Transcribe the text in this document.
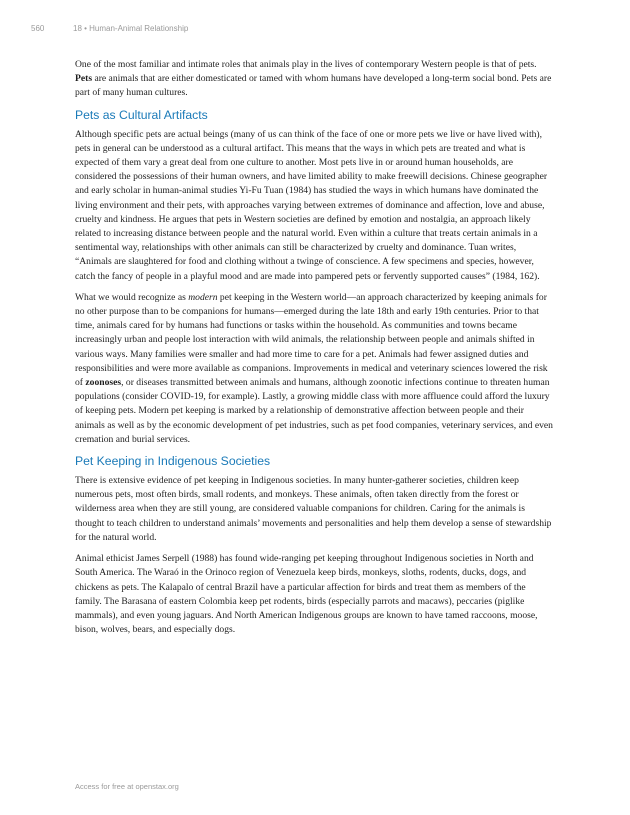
560	18 • Human-Animal Relationship

One of the most familiar and intimate roles that animals play in the lives of contemporary Western people is that of pets. Pets are animals that are either domesticated or tamed with whom humans have developed a long-term social bond. Pets are part of many human cultures.

Pets as Cultural Artifacts

Although specific pets are actual beings (many of us can think of the face of one or more pets we live or have lived with), pets in general can be understood as a cultural artifact. This means that the ways in which pets are treated and what is expected of them vary a great deal from one culture to another. Most pets live in or around human households, are considered the possessions of their human owners, and have limited ability to make freewill decisions. Chinese geographer and early scholar in human-animal studies Yi-Fu Tuan (1984) has studied the ways in which humans have dominated the living environment and their pets, with approaches varying between extremes of dominance and affection, love and abuse, cruelty and kindness. He argues that pets in Western societies are defined by emotion and nostalgia, an approach likely related to increasing distance between people and the natural world. Even within a culture that treats certain animals in a sentimental way, relationships with other animals can still be characterized by cruelty and dominance. Tuan writes, “Animals are slaughtered for food and clothing without a twinge of conscience. A few specimens and species, however, catch the fancy of people in a playful mood and are made into pampered pets or fervently supported causes” (1984, 162).

What we would recognize as modern pet keeping in the Western world—an approach characterized by keeping animals for no other purpose than to be companions for humans—emerged during the late 18th and early 19th centuries. Prior to that time, animals cared for by humans had functions or tasks within the household. As communities and towns became increasingly urban and people lost interaction with wild animals, the relationship between people and animals shifted in various ways. Many families were smaller and had more time to care for a pet. Animals had fewer assigned duties and responsibilities and were more available as companions. Improvements in medical and veterinary sciences lowered the risk of zoonoses, or diseases transmitted between animals and humans, although zoonotic infections continue to threaten human populations (consider COVID-19, for example). Lastly, a growing middle class with more affluence could afford the luxury of keeping pets. Modern pet keeping is marked by a relationship of demonstrative affection between people and their animals as well as by the economic development of pet industries, such as pet food companies, veterinary services, and even cremation and burial services.

Pet Keeping in Indigenous Societies

There is extensive evidence of pet keeping in Indigenous societies. In many hunter-gatherer societies, children keep numerous pets, most often birds, small rodents, and monkeys. These animals, often taken directly from the forest or wilderness area when they are still young, are considered valuable companions for children. Caring for the animals is thought to teach children to understand animals’ movements and personalities and help them develop a sense of stewardship for the natural world.

Animal ethicist James Serpell (1988) has found wide-ranging pet keeping throughout Indigenous societies in North and South America. The Waraó in the Orinoco region of Venezuela keep birds, monkeys, sloths, rodents, ducks, dogs, and chickens as pets. The Kalapalo of central Brazil have a particular affection for birds and treat them as members of the family. The Barasana of eastern Colombia keep pet rodents, birds (especially parrots and macaws), peccaries (piglike mammals), and even young jaguars. And North American Indigenous groups are known to have tamed raccoons, moose, bison, wolves, bears, and especially dogs.

Access for free at openstax.org
